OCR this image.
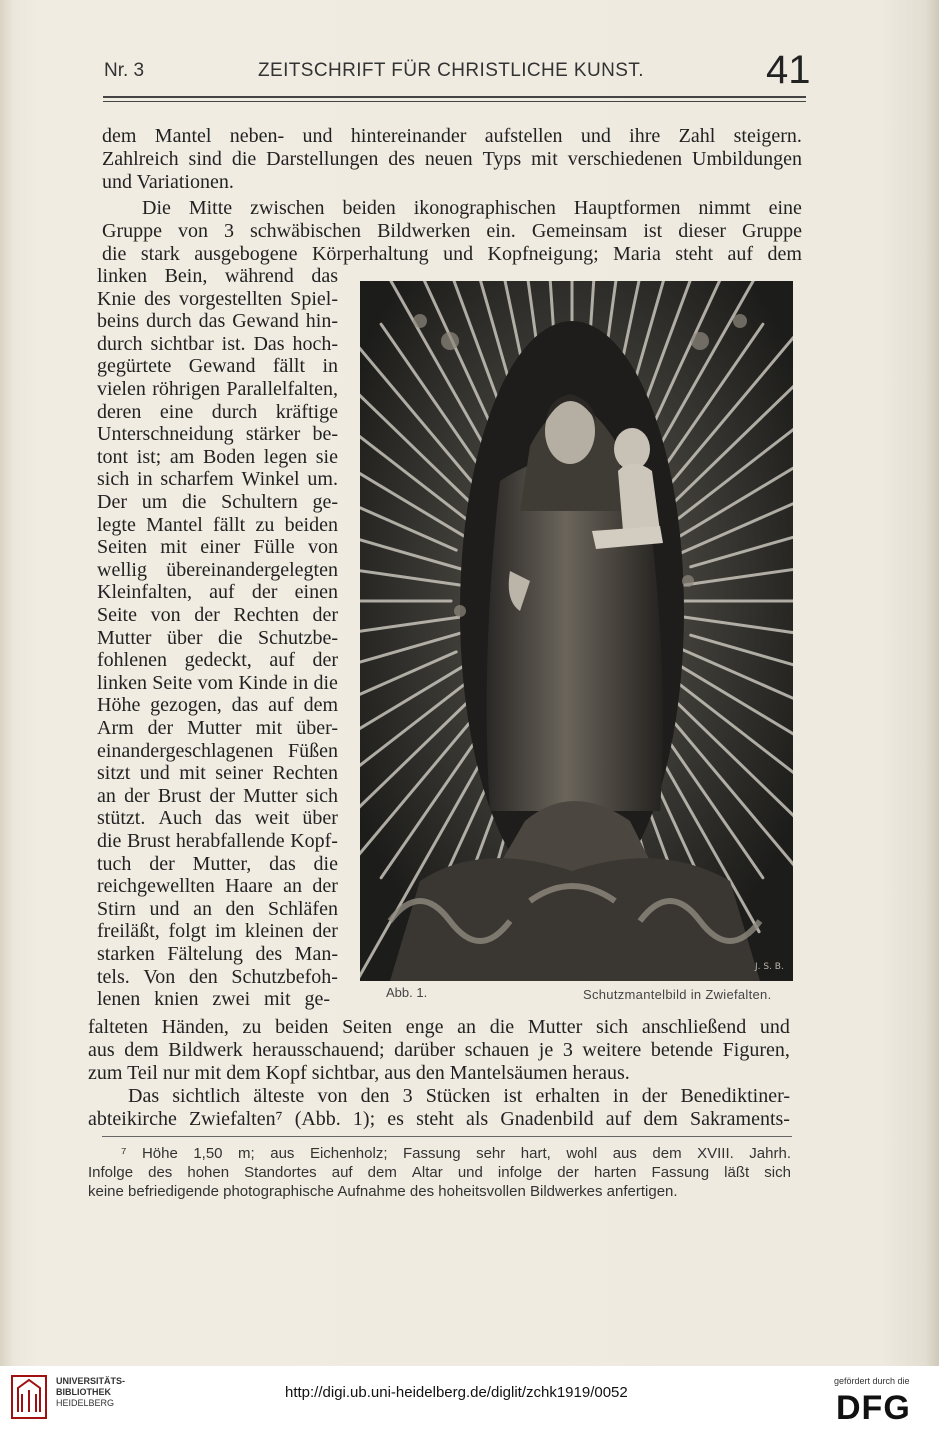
Nr. 3	ZEITSCHRIFT FÜR CHRISTLICHE KUNST.	41
dem Mantel neben- und hintereinander aufstellen und ihre Zahl steigern.
Zahlreich sind die Darstellungen des neuen Typs mit verschiedenen Umbildungen
und Variationen.
Die Mitte zwischen beiden ikonographischen Hauptformen nimmt eine
Gruppe von 3 schwäbischen Bildwerken ein. Gemeinsam ist dieser Gruppe
die stark ausgebogene Körperhaltung und Kopfneigung; Maria steht auf dem
linken Bein, während das
Knie des vorgestellten Spiel-
beins durch das Gewand hin-
durch sichtbar ist. Das hoch-
gegürtete Gewand fällt in
vielen röhrigen Parallelfalten,
deren eine durch kräftige
Unterschneidung stärker be-
tont ist; am Boden legen sie
sich in scharfem Winkel um.
Der um die Schultern ge-
legte Mantel fällt zu beiden
Seiten mit einer Fülle von
wellig übereinandergelegten
Kleinfalten, auf der einen
Seite von der Rechten der
Mutter über die Schutzbe-
fohlenen gedeckt, auf der
linken Seite vom Kinde in die
Höhe gezogen, das auf dem
Arm der Mutter mit über-
einandergeschlagenen Füßen
sitzt und mit seiner Rechten
an der Brust der Mutter sich
stützt. Auch das weit über
die Brust herabfallende Kopf-
tuch der Mutter, das die
reichgewellten Haare an der
Stirn und an den Schläfen
freiläßt, folgt im kleinen der
starken Fältelung des Man-
tels. Von den Schutzbefoh-
lenen knien zwei mit ge-
falteten Händen, zu beiden Seiten enge an die Mutter sich anschließend und
aus dem Bildwerk herausschauend; darüber schauen je 3 weitere betende Figuren,
zum Teil nur mit dem Kopf sichtbar, aus den Mantelsäumen heraus.
Das sichtlich älteste von den 3 Stücken ist erhalten in der Benediktiner-
abteikirche Zwiefalten⁷ (Abb. 1); es steht als Gnadenbild auf dem Sakraments-
J. S. B.
Abb. 1.	Schutzmantelbild in Zwiefalten.
⁷ Höhe 1,50 m; aus Eichenholz; Fassung sehr hart, wohl aus dem XVIII. Jahrh.
Infolge des hohen Standortes auf dem Altar und infolge der harten Fassung läßt sich
keine befriedigende photographische Aufnahme des hoheitsvollen Bildwerkes anfertigen.
UNIVERSITÄTS-
BIBLIOTHEK
HEIDELBERG
http://digi.ub.uni-heidelberg.de/diglit/zchk1919/0052
gefördert durch die
DFG
